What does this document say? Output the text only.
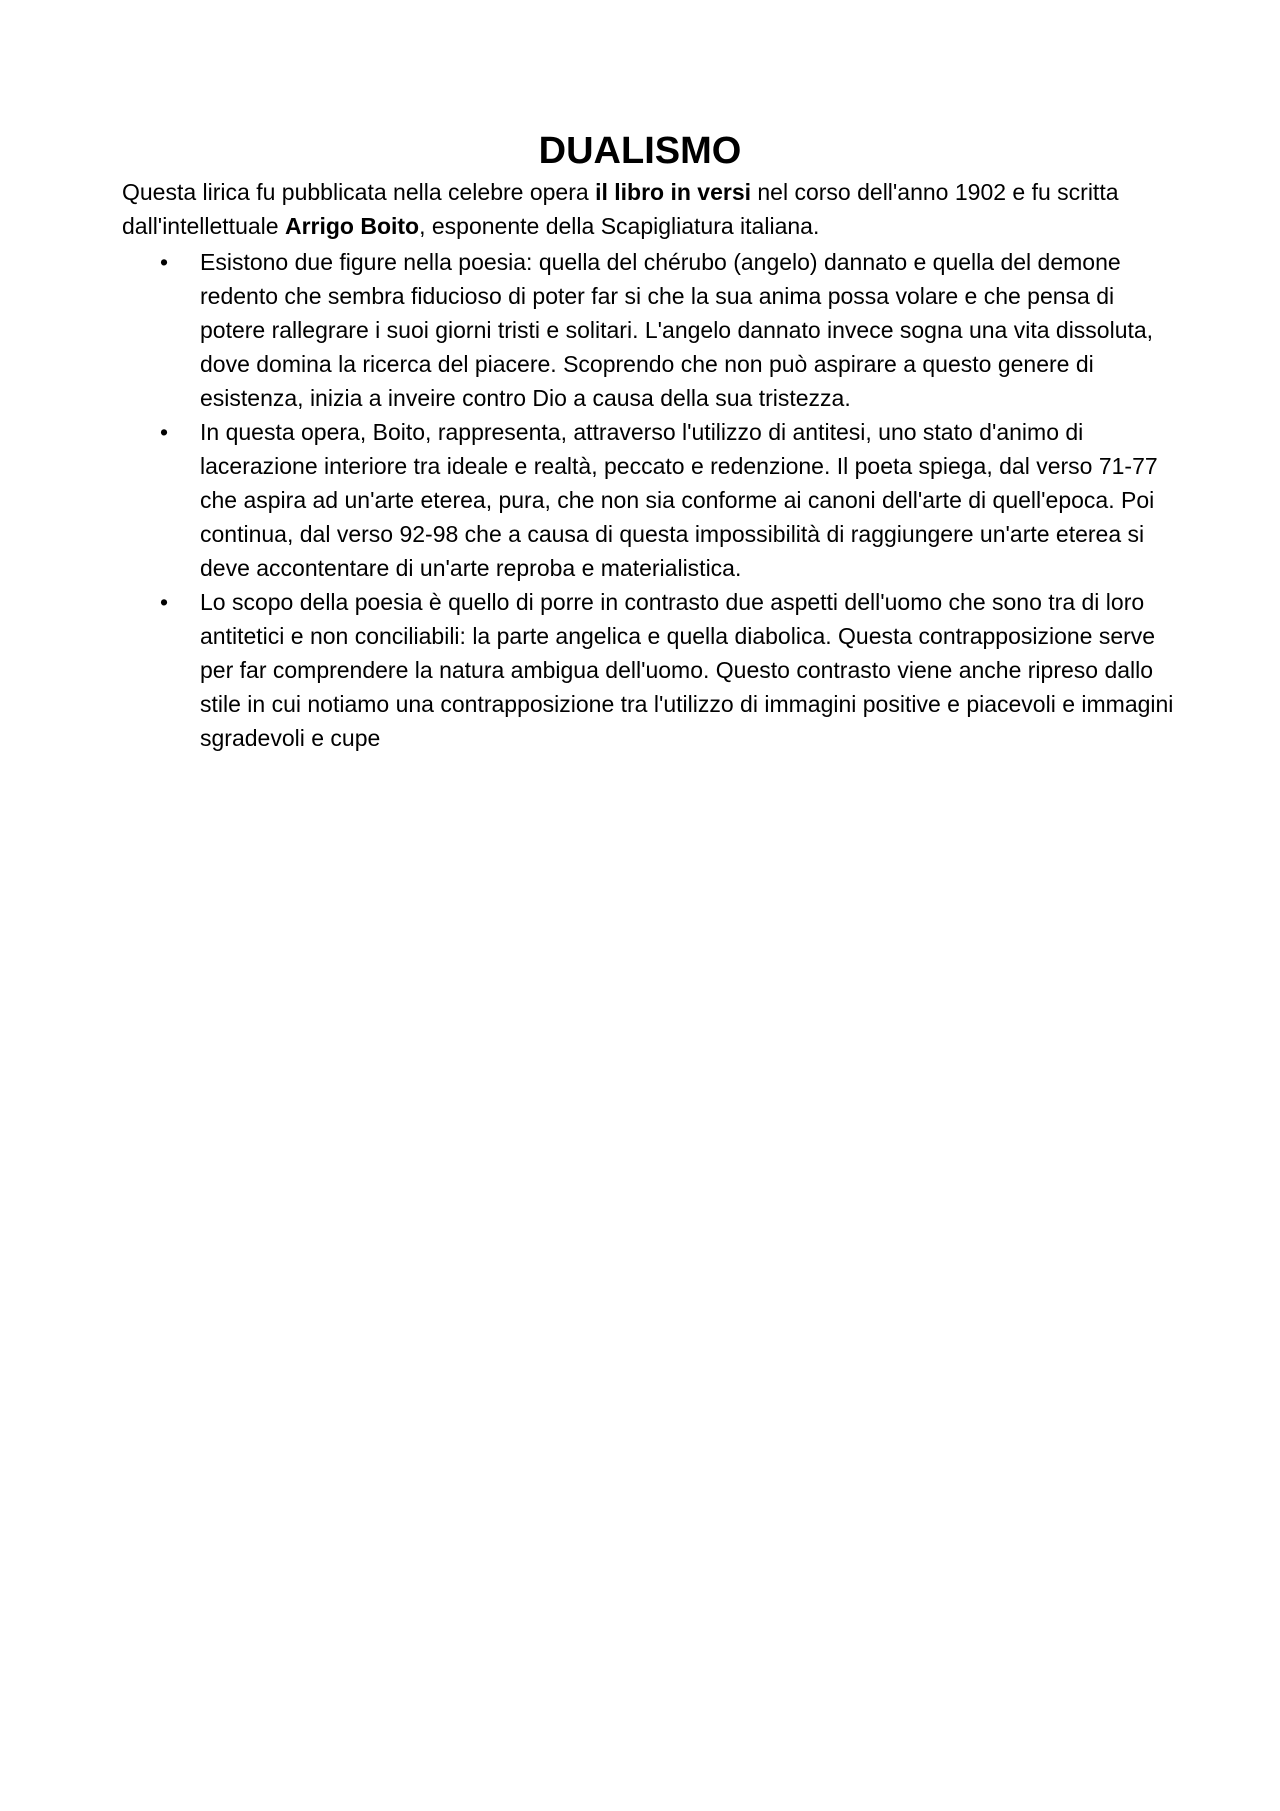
DUALISMO

Questa lirica fu pubblicata nella celebre opera il libro in versi nel corso dell'anno 1902 e fu scritta dall'intellettuale Arrigo Boito, esponente della Scapigliatura italiana.

•	Esistono due figure nella poesia: quella del chérubo (angelo) dannato e quella del demone redento che sembra fiducioso di poter far si che la sua anima possa volare e che pensa di potere rallegrare i suoi giorni tristi e solitari. L'angelo dannato invece sogna una vita dissoluta, dove domina la ricerca del piacere. Scoprendo che non può aspirare a questo genere di esistenza, inizia a inveire contro Dio a causa della sua tristezza.
•	In questa opera, Boito, rappresenta, attraverso l'utilizzo di antitesi, uno stato d'animo di lacerazione interiore tra ideale e realtà, peccato e redenzione. Il poeta spiega, dal verso 71-77 che aspira ad un'arte eterea, pura, che non sia conforme ai canoni dell'arte di quell'epoca. Poi continua, dal verso 92-98 che a causa di questa impossibilità di raggiungere un'arte eterea si deve accontentare di un'arte reproba e materialistica.
•	Lo scopo della poesia è quello di porre in contrasto due aspetti dell'uomo che sono tra di loro antitetici e non conciliabili: la parte angelica e quella diabolica. Questa contrapposizione serve per far comprendere la natura ambigua dell'uomo. Questo contrasto viene anche ripreso dallo stile in cui notiamo una contrapposizione tra l'utilizzo di immagini positive e piacevoli e immagini sgradevoli e cupe
